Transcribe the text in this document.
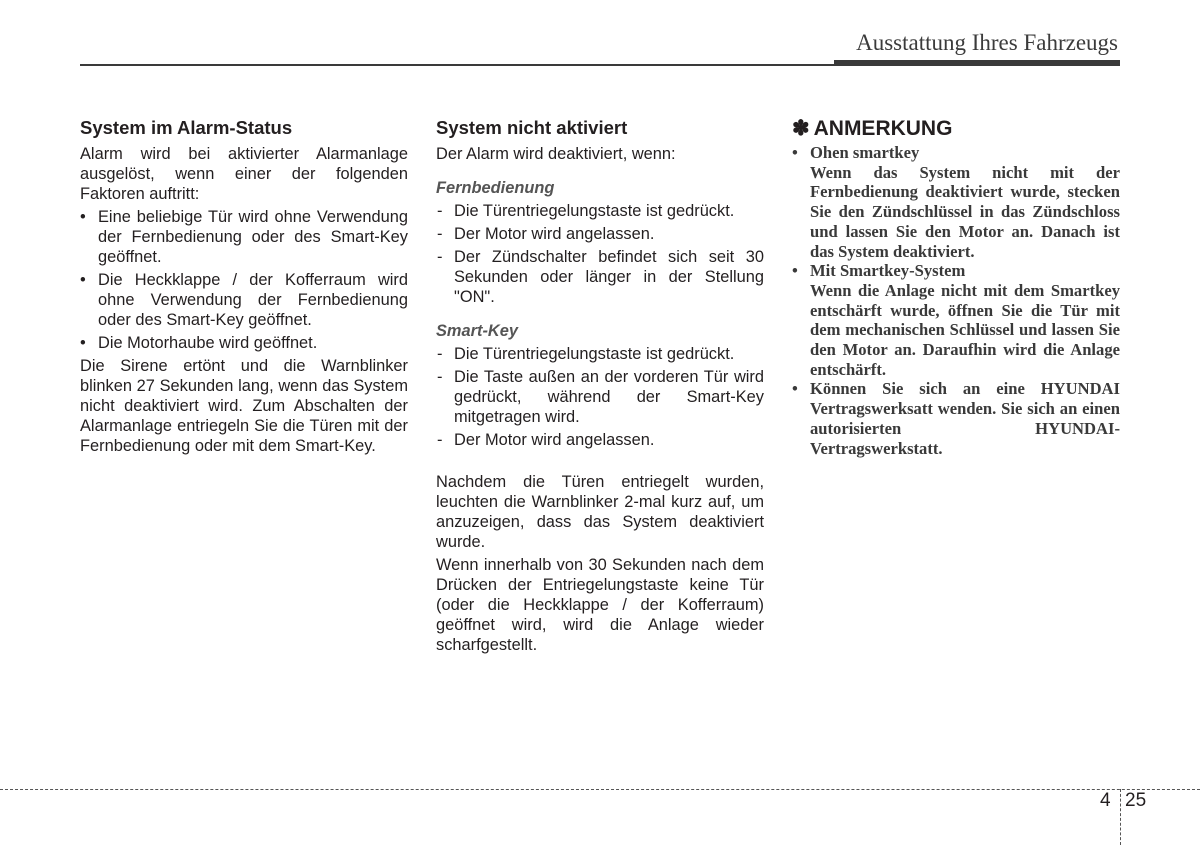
Ausstattung Ihres Fahrzeugs
System im Alarm-Status

Alarm wird bei aktivierter Alarmanlage ausgelöst, wenn einer der folgenden Faktoren auftritt:

• Eine beliebige Tür wird ohne Verwendung der Fernbedienung oder des Smart-Key geöffnet.
• Die Heckklappe / der Kofferraum wird ohne Verwendung der Fernbedienung oder des Smart-Key geöffnet.
• Die Motorhaube wird geöffnet.

Die Sirene ertönt und die Warnblinker blinken 27 Sekunden lang, wenn das System nicht deaktiviert wird. Zum Abschalten der Alarmanlage entriegeln Sie die Türen mit der Fernbedienung oder mit dem Smart-Key.

System nicht aktiviert

Der Alarm wird deaktiviert, wenn:

Fernbedienung
- Die Türentriegelungstaste ist gedrückt.
- Der Motor wird angelassen.
- Der Zündschalter befindet sich seit 30 Sekunden oder länger in der Stellung "ON".
Smart-Key
- Die Türentriegelungstaste ist gedrückt.
- Die Taste außen an der vorderen Tür wird gedrückt, während der Smart-Key mitgetragen wird.
- Der Motor wird angelassen.

Nachdem die Türen entriegelt wurden, leuchten die Warnblinker 2-mal kurz auf, um anzuzeigen, dass das System deaktiviert wurde.

Wenn innerhalb von 30 Sekunden nach dem Drücken der Entriegelungstaste keine Tür (oder die Heckklappe / der Kofferraum) geöffnet wird, wird die Anlage wieder scharfgestellt.

✽ ANMERKUNG
• Ohen smartkey
Wenn das System nicht mit der Fernbedienung deaktiviert wurde, stecken Sie den Zündschlüssel in das Zündschloss und lassen Sie den Motor an. Danach ist das System deaktiviert.
• Mit Smartkey-System
Wenn die Anlage nicht mit dem Smartkey entschärft wurde, öffnen Sie die Tür mit dem mechanischen Schlüssel und lassen Sie den Motor an. Daraufhin wird die Anlage entschärft.
• Können Sie sich an eine HYUNDAI Vertragswerksatt wenden. Sie sich an einen autorisierten HYUNDAI-Vertragswerkstatt.
4 25
